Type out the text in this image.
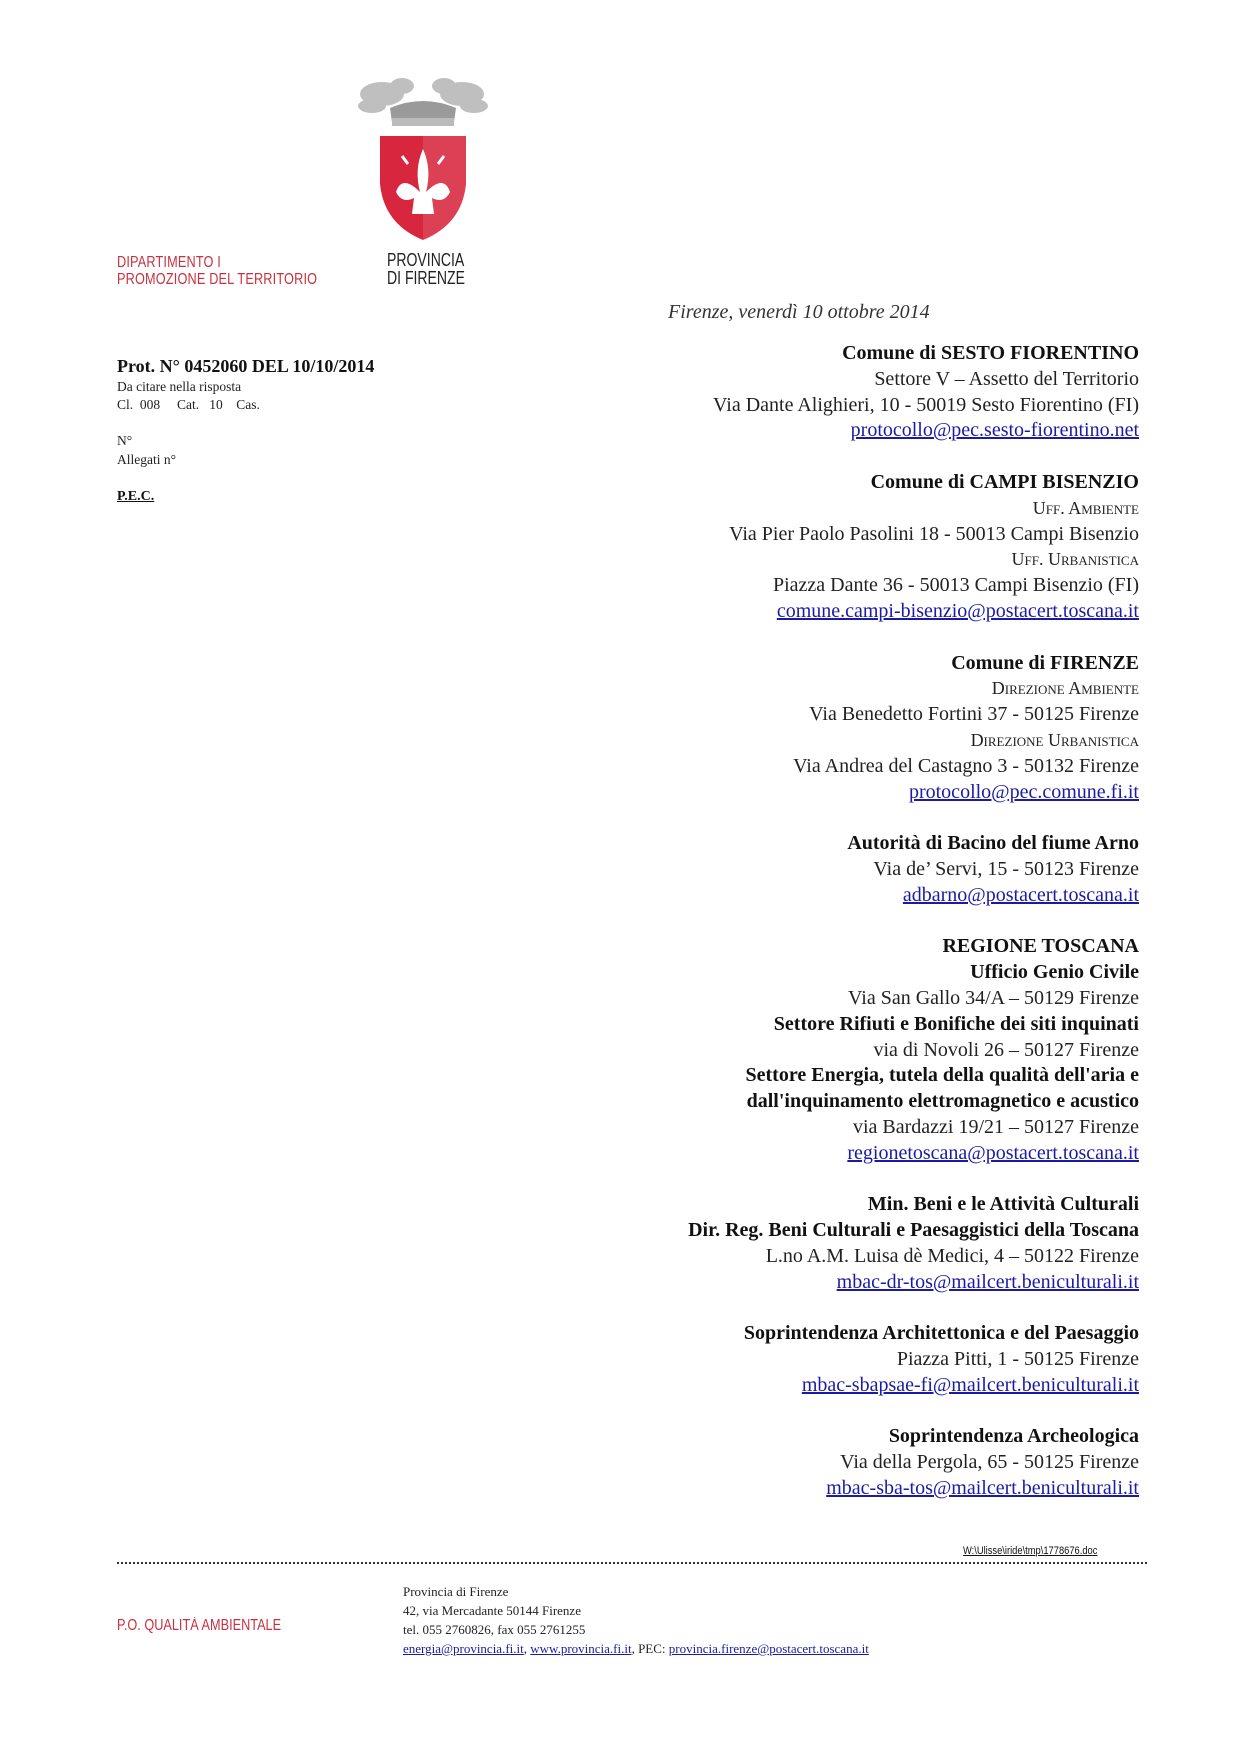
DIPARTIMENTO I
PROMOZIONE DEL TERRITORIO
PROVINCIA
DI FIRENZE
Firenze, venerdì 10 ottobre 2014
Prot. N° 0452060 DEL 10/10/2014
Da citare nella risposta
Cl.  008     Cat.   10    Cas.
N°
Allegati n°
P.E.C.
Comune di SESTO FIORENTINO
Settore V – Assetto del Territorio
Via Dante Alighieri, 10 - 50019 Sesto Fiorentino (FI)
protocollo@pec.sesto-fiorentino.net
Comune di CAMPI BISENZIO
Uff. Ambiente
Via Pier Paolo Pasolini 18 - 50013 Campi Bisenzio
Uff. Urbanistica
Piazza Dante 36 - 50013 Campi Bisenzio (FI)
comune.campi-bisenzio@postacert.toscana.it
Comune di FIRENZE
Direzione Ambiente
Via Benedetto Fortini 37 - 50125 Firenze
Direzione Urbanistica
Via Andrea del Castagno 3 - 50132 Firenze
protocollo@pec.comune.fi.it
Autorità di Bacino del fiume Arno
Via de’ Servi, 15 - 50123 Firenze
adbarno@postacert.toscana.it
REGIONE TOSCANA
Ufficio Genio Civile
Via San Gallo 34/A – 50129 Firenze
Settore Rifiuti e Bonifiche dei siti inquinati
via di Novoli 26 – 50127 Firenze
Settore Energia, tutela della qualità dell'aria e
dall'inquinamento elettromagnetico e acustico
via Bardazzi 19/21 – 50127 Firenze
regionetoscana@postacert.toscana.it
Min. Beni e le Attività Culturali
Dir. Reg. Beni Culturali e Paesaggistici della Toscana
L.no A.M. Luisa dè Medici, 4 – 50122 Firenze
mbac-dr-tos@mailcert.beniculturali.it
Soprintendenza Architettonica e del Paesaggio
Piazza Pitti, 1 - 50125 Firenze
mbac-sbapsae-fi@mailcert.beniculturali.it
Soprintendenza Archeologica
Via della Pergola, 65 - 50125 Firenze
mbac-sba-tos@mailcert.beniculturali.it
W:\Ulisse\iride\tmp\1778676.doc
P.O. QUALITÀ AMBIENTALE
Provincia di Firenze
42, via Mercadante 50144 Firenze
tel. 055 2760826, fax 055 2761255
energia@provincia.fi.it, www.provincia.fi.it, PEC: provincia.firenze@postacert.toscana.it
